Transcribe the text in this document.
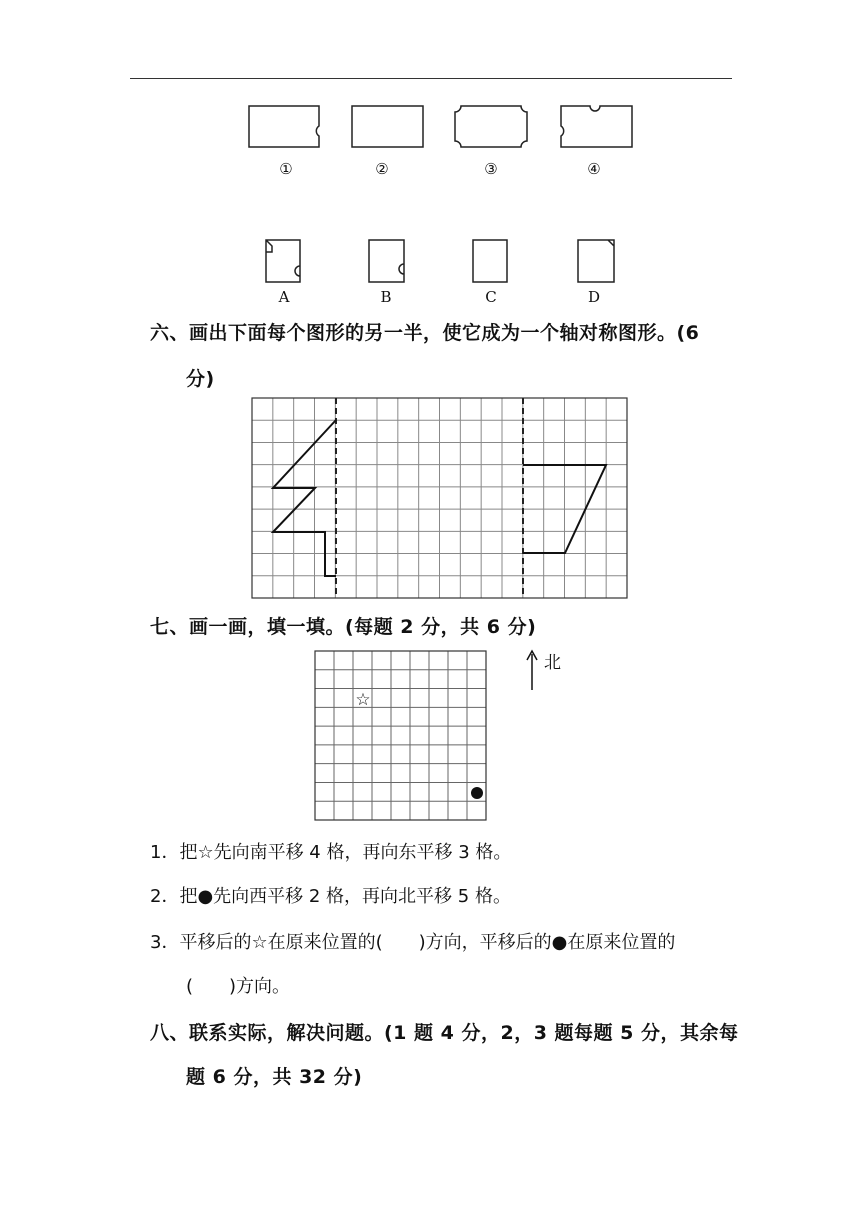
①	②	③	④
A	B	C	D
六、画出下面每个图形的另一半，使它成为一个轴对称图形。(6
分)
七、画一画，填一填。(每题 2 分，共 6 分)
☆
北
1．把☆先向南平移 4 格，再向东平移 3 格。
2．把●先向西平移 2 格，再向北平移 5 格。
3．平移后的☆在原来位置的(　　)方向，平移后的●在原来位置的
(　　)方向。
八、联系实际，解决问题。(1 题 4 分，2，3 题每题 5 分，其余每
题 6 分，共 32 分)
